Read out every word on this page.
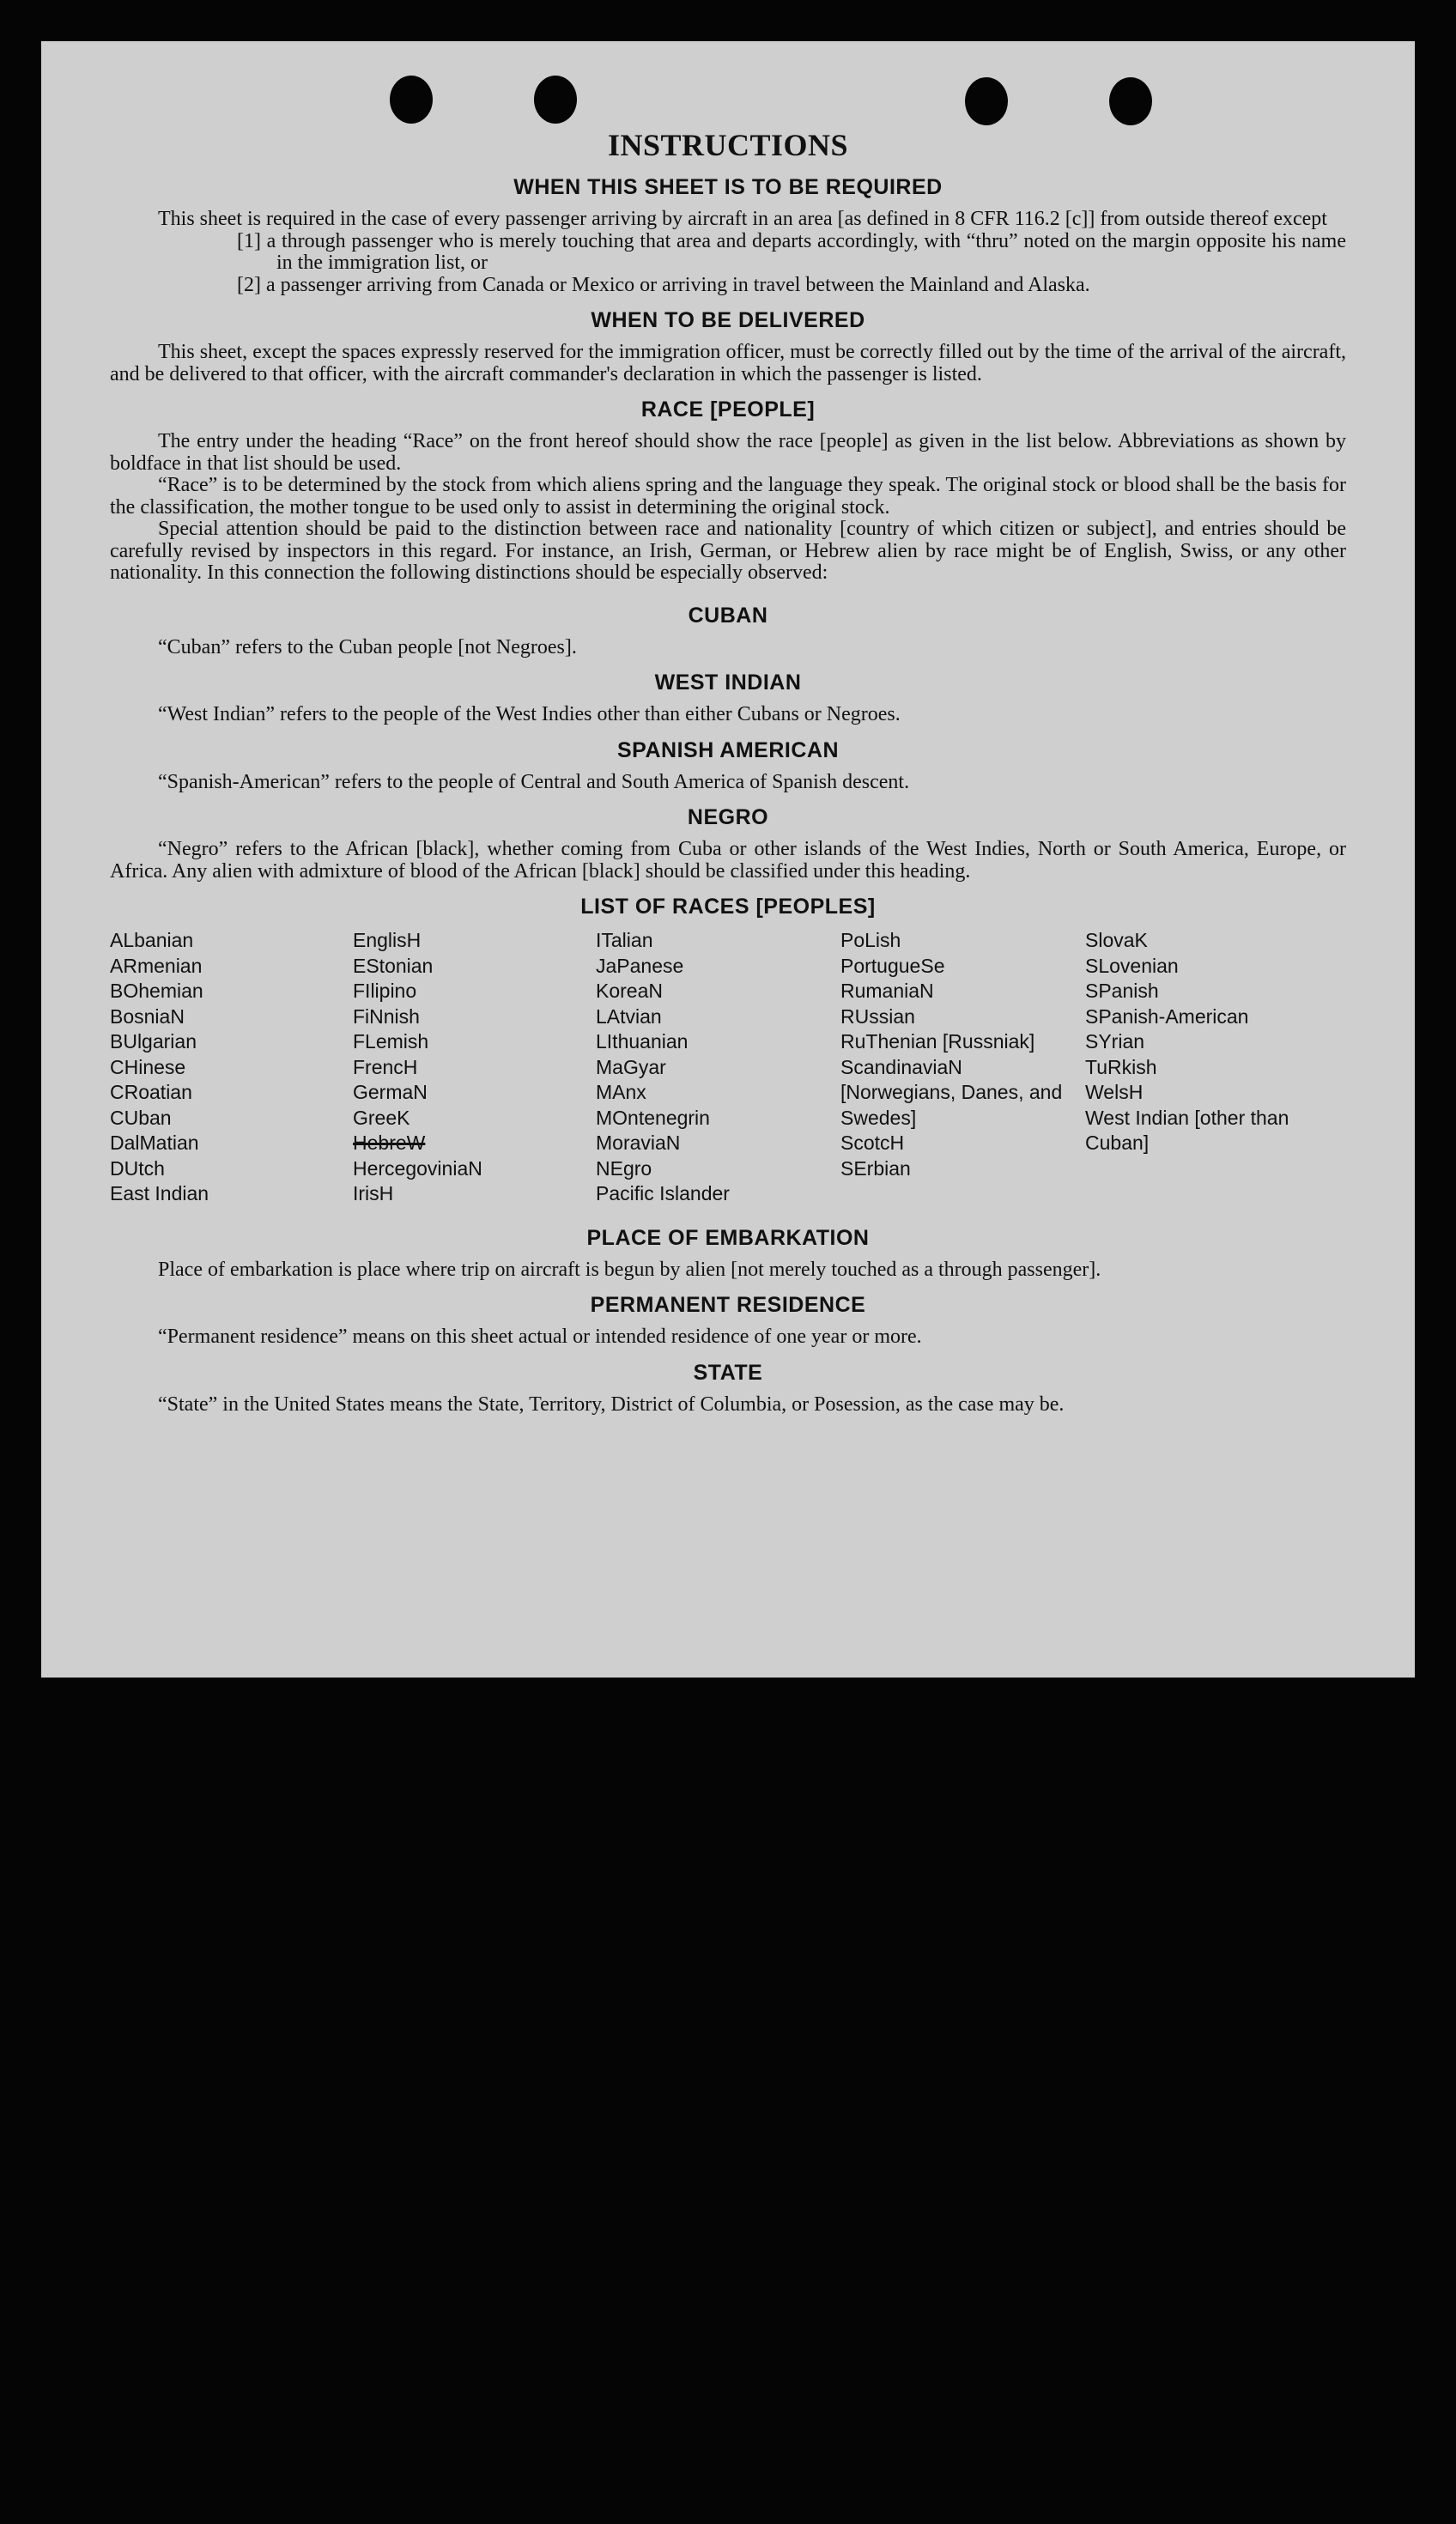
INSTRUCTIONS
WHEN THIS SHEET IS TO BE REQUIRED

This sheet is required in the case of every passenger arriving by aircraft in an area [as defined in 8 CFR 116.2 [c]] from outside thereof except

[1] a through passenger who is merely touching that area and departs accordingly, with “thru” noted on the margin opposite his name in the immigration list, or
[2] a passenger arriving from Canada or Mexico or arriving in travel between the Mainland and Alaska.
WHEN TO BE DELIVERED

This sheet, except the spaces expressly reserved for the immigration officer, must be correctly filled out by the time of the arrival of the aircraft, and be delivered to that officer, with the aircraft commander's declaration in which the passenger is listed.

RACE [PEOPLE]

The entry under the heading “Race” on the front hereof should show the race [people] as given in the list below. Abbreviations as shown by boldface in that list should be used.

“Race” is to be determined by the stock from which aliens spring and the language they speak. The original stock or blood shall be the basis for the classification, the mother tongue to be used only to assist in determining the original stock.

Special attention should be paid to the distinction between race and nationality [country of which citizen or subject], and entries should be carefully revised by inspectors in this regard. For instance, an Irish, German, or Hebrew alien by race might be of English, Swiss, or any other nationality. In this connection the following distinctions should be especially observed:

CUBAN

“Cuban” refers to the Cuban people [not Negroes].

WEST INDIAN

“West Indian” refers to the people of the West Indies other than either Cubans or Negroes.

SPANISH AMERICAN

“Spanish-American” refers to the people of Central and South America of Spanish descent.

NEGRO

“Negro” refers to the African [black], whether coming from Cuba or other islands of the West Indies, North or South America, Europe, or Africa. Any alien with admixture of blood of the African [black] should be classified under this heading.

LIST OF RACES [PEOPLES]
ALbanian
ARmenian
BOhemian
BosniaN
BUlgarian
CHinese
CRoatian
CUban
DalMatian
DUtch
East Indian
EnglisH
EStonian
FIlipino
FiNnish
FLemish
FrencH
GermaN
GreeK
HebreW
HercegoviniaN
IrisH
ITalian
JaPanese
KoreaN
LAtvian
LIthuanian
MaGyar
MAnx
MOntenegrin
MoraviaN
NEgro
Pacific Islander
PoLish
PortugueSe
RumaniaN
RUssian
RuThenian [Russniak]
ScandinaviaN [Norwegians, Danes, and Swedes]
ScotcH
SErbian
SlovaK
SLovenian
SPanish
SPanish-American
SYrian
TuRkish
WelsH
West Indian [other than Cuban]
PLACE OF EMBARKATION

Place of embarkation is place where trip on aircraft is begun by alien [not merely touched as a through passenger].

PERMANENT RESIDENCE

“Permanent residence” means on this sheet actual or intended residence of one year or more.

STATE

“State” in the United States means the State, Territory, District of Columbia, or Posession, as the case may be.
